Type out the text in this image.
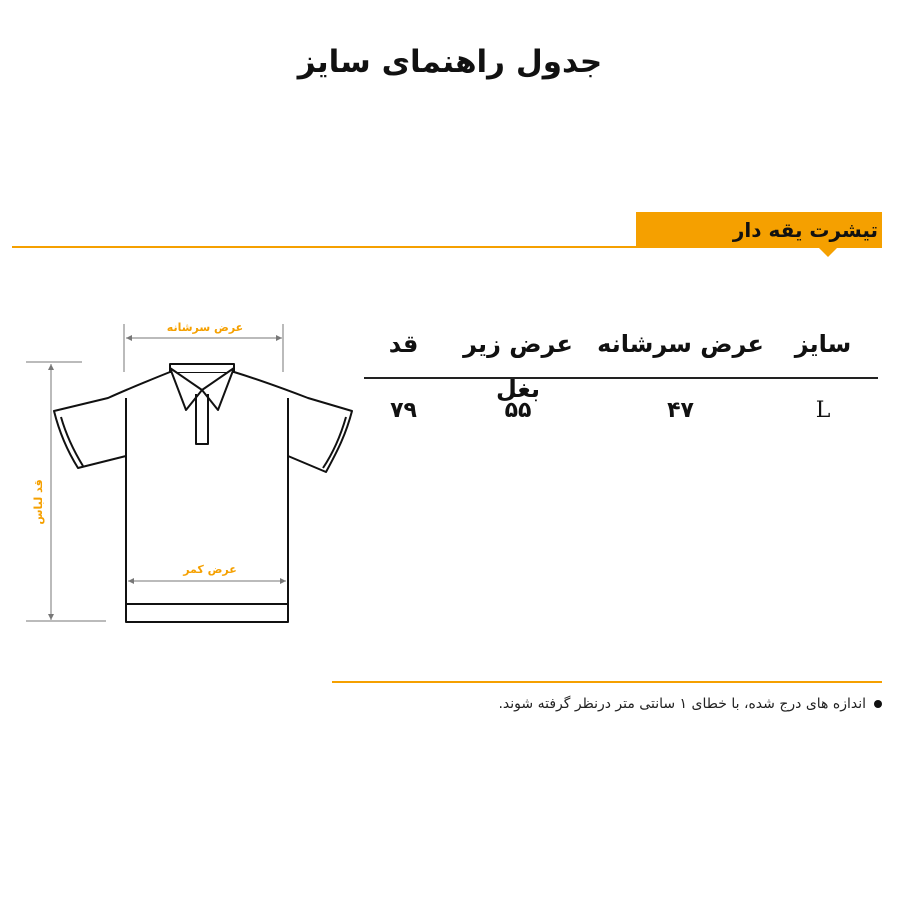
جدول راهنمای سایز
تیشرت یقه دار
عرض سرشانه
قد لباس
عرض کمر
سایز
عرض سرشانه
عرض زیر بغل
قد
L
۴۷
۵۵
۷۹
اندازه های درج شده، با خطای ۱ سانتی متر درنظر گرفته شوند.
